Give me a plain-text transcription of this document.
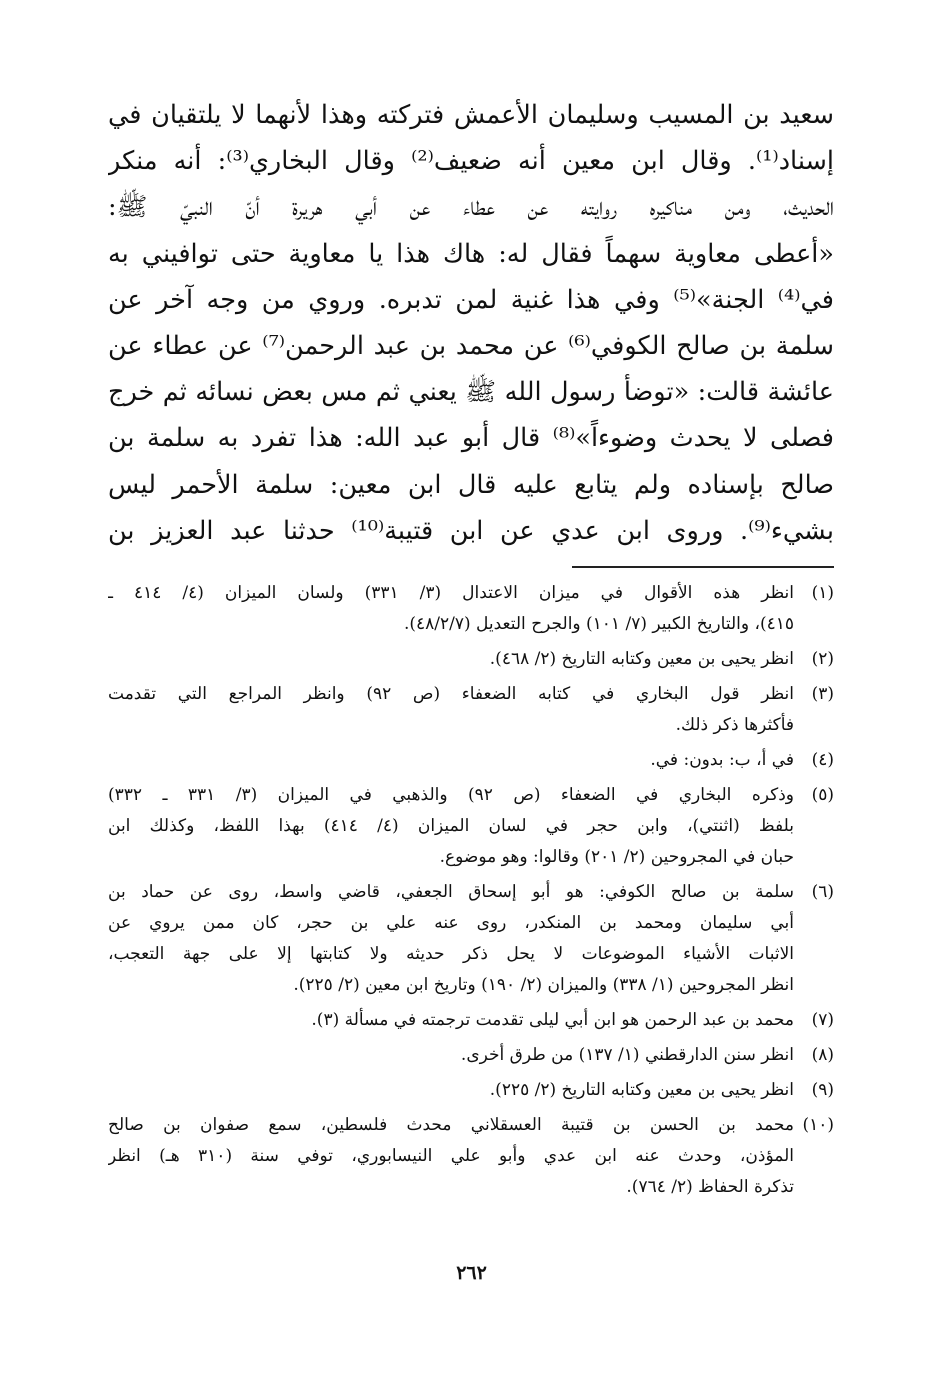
سعيد بن المسيب وسليمان الأعمش فتركته وهذا لأنهما لا يلتقيان في
إسناد⁽¹⁾. وقال ابن معين أنه ضعيف⁽²⁾ وقال البخاري⁽³⁾: أنه منكر
الحديث، ومن مناكيره روايته عن عطاء عن أبي هريرة أنّ النبيّ ﷺ:
«أعطى معاوية سهماً فقال له: هاك هذا يا معاوية حتى توافيني به
في⁽⁴⁾ الجنة»⁽⁵⁾ وفي هذا غنية لمن تدبره. وروي من وجه آخر عن
سلمة بن صالح الكوفي⁽⁶⁾ عن محمد بن عبد الرحمن⁽⁷⁾ عن عطاء عن
عائشة قالت: «توضأ رسول الله ﷺ يعني ثم مس بعض نسائه ثم خرج
فصلى لا يحدث وضوءاً»⁽⁸⁾ قال أبو عبد الله: هذا تفرد به سلمة بن
صالح بإسناده ولم يتابع عليه قال ابن معين: سلمة الأحمر ليس
بشيء⁽⁹⁾. وروى ابن عدي عن ابن قتيبة⁽¹⁰⁾ حدثنا عبد العزيز بن
(١)
انظر هذه الأقوال في ميزان الاعتدال (٣/ ٣٣١) ولسان الميزان (٤/ ٤١٤ ـ
٤١٥)، والتاريخ الكبير (٧/ ١٠١) والجرح التعديل (٤٨/٢/٧).
(٢)
انظر يحيى بن معين وكتابه التاريخ (٢/ ٤٦٨).
(٣)
انظر قول البخاري في كتابه الضعفاء (ص ٩٢) وانظر المراجع التي تقدمت
فأكثرها ذكر ذلك.
(٤)
في أ، ب: بدون: في.
(٥)
وذكره البخاري في الضعفاء (ص ٩٢) والذهبي في الميزان (٣/ ٣٣١ ـ ٣٣٢)
بلفظ (اثنتي)، وابن حجر في لسان الميزان (٤/ ٤١٤) بهذا اللفظ، وكذلك ابن
حبان في المجروحين (٢/ ٢٠١) وقالوا: وهو موضوع.
(٦)
سلمة بن صالح الكوفي: هو أبو إسحاق الجعفي، قاضي واسط، روى عن حماد بن
أبي سليمان ومحمد بن المنكدر، روى عنه علي بن حجر، كان ممن يروي عن
الاثبات الأشياء الموضوعات لا يحل ذكر حديثه ولا كتابتها إلا على جهة التعجب،
انظر المجروحين (١/ ٣٣٨) والميزان (٢/ ١٩٠) وتاريخ ابن معين (٢/ ٢٢٥).
(٧)
محمد بن عبد الرحمن هو ابن أبي ليلى تقدمت ترجمته في مسألة (٣).
(٨)
انظر سنن الدارقطني (١/ ١٣٧) من طرق أخرى.
(٩)
انظر يحيى بن معين وكتابه التاريخ (٢/ ٢٢٥).
(١٠)
محمد بن الحسن بن قتيبة العسقلاني محدث فلسطين، سمع صفوان بن صالح
المؤذن، وحدث عنه ابن عدي وأبو علي النيسابوري، توفي سنة (٣١٠ هـ) انظر
تذكرة الحفاظ (٢/ ٧٦٤).
٢٦٢
